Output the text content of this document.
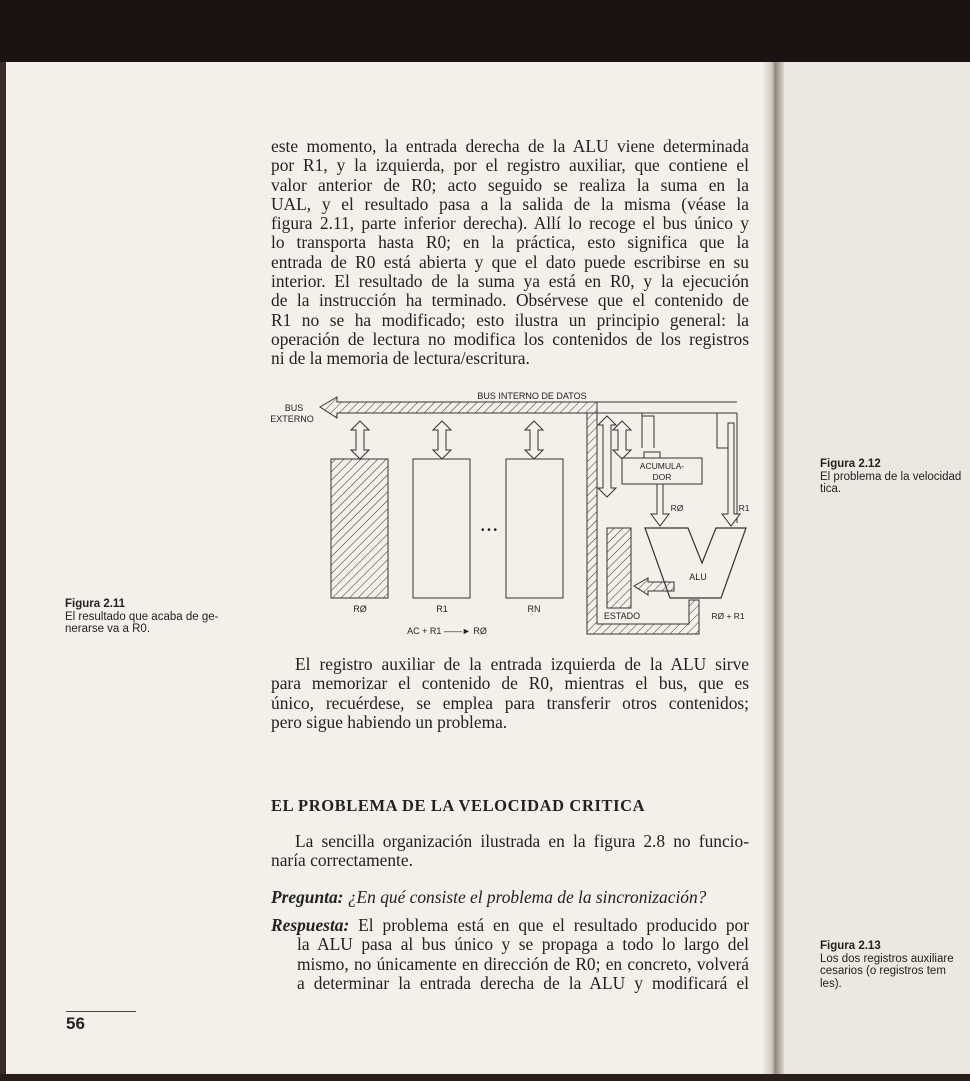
este momento, la entrada derecha de la ALU viene determinada
por R1, y la izquierda, por el registro auxiliar, que contiene el
valor anterior de R0; acto seguido se realiza la suma en la
UAL, y el resultado pasa a la salida de la misma (véase la
figura 2.11, parte inferior derecha). Allí lo recoge el bus único y
lo transporta hasta R0; en la práctica, esto significa que la
entrada de R0 está abierta y que el dato puede escribirse en su
interior. El resultado de la suma ya está en R0, y la ejecución
de la instrucción ha terminado. Obsérvese que el contenido de
R1 no se ha modificado; esto ilustra un principio general: la
operación de lectura no modifica los contenidos de los registros
ni de la memoria de lectura/escritura.
Figura 2.11
El resultado que acaba de ge-
nerarse va a R0.
BUS
EXTERNO
BUS INTERNO DE DATOS
• • •
RØ	R1	RN
AC + R1 ——► RØ
ACUMULA-
DOR
RØ	R1
ALU
ESTADO	RØ + R1
El registro auxiliar de la entrada izquierda de la ALU sirve
para memorizar el contenido de R0, mientras el bus, que es
único, recuérdese, se emplea para transferir otros contenidos;
pero sigue habiendo un problema.
EL PROBLEMA DE LA VELOCIDAD CRITICA
La sencilla organización ilustrada en la figura 2.8 no funcio-
naría correctamente.
Pregunta: ¿En qué consiste el problema de la sincronización?
Respuesta: El problema está en que el resultado producido por
la ALU pasa al bus único y se propaga a todo lo largo del
mismo, no únicamente en dirección de R0; en concreto, volverá
a determinar la entrada derecha de la ALU y modificará el
56
Figura 2.12
El problema de la velocidad
tica.
Figura 2.13
Los dos registros auxiliare
cesarios (o registros tem
les).
